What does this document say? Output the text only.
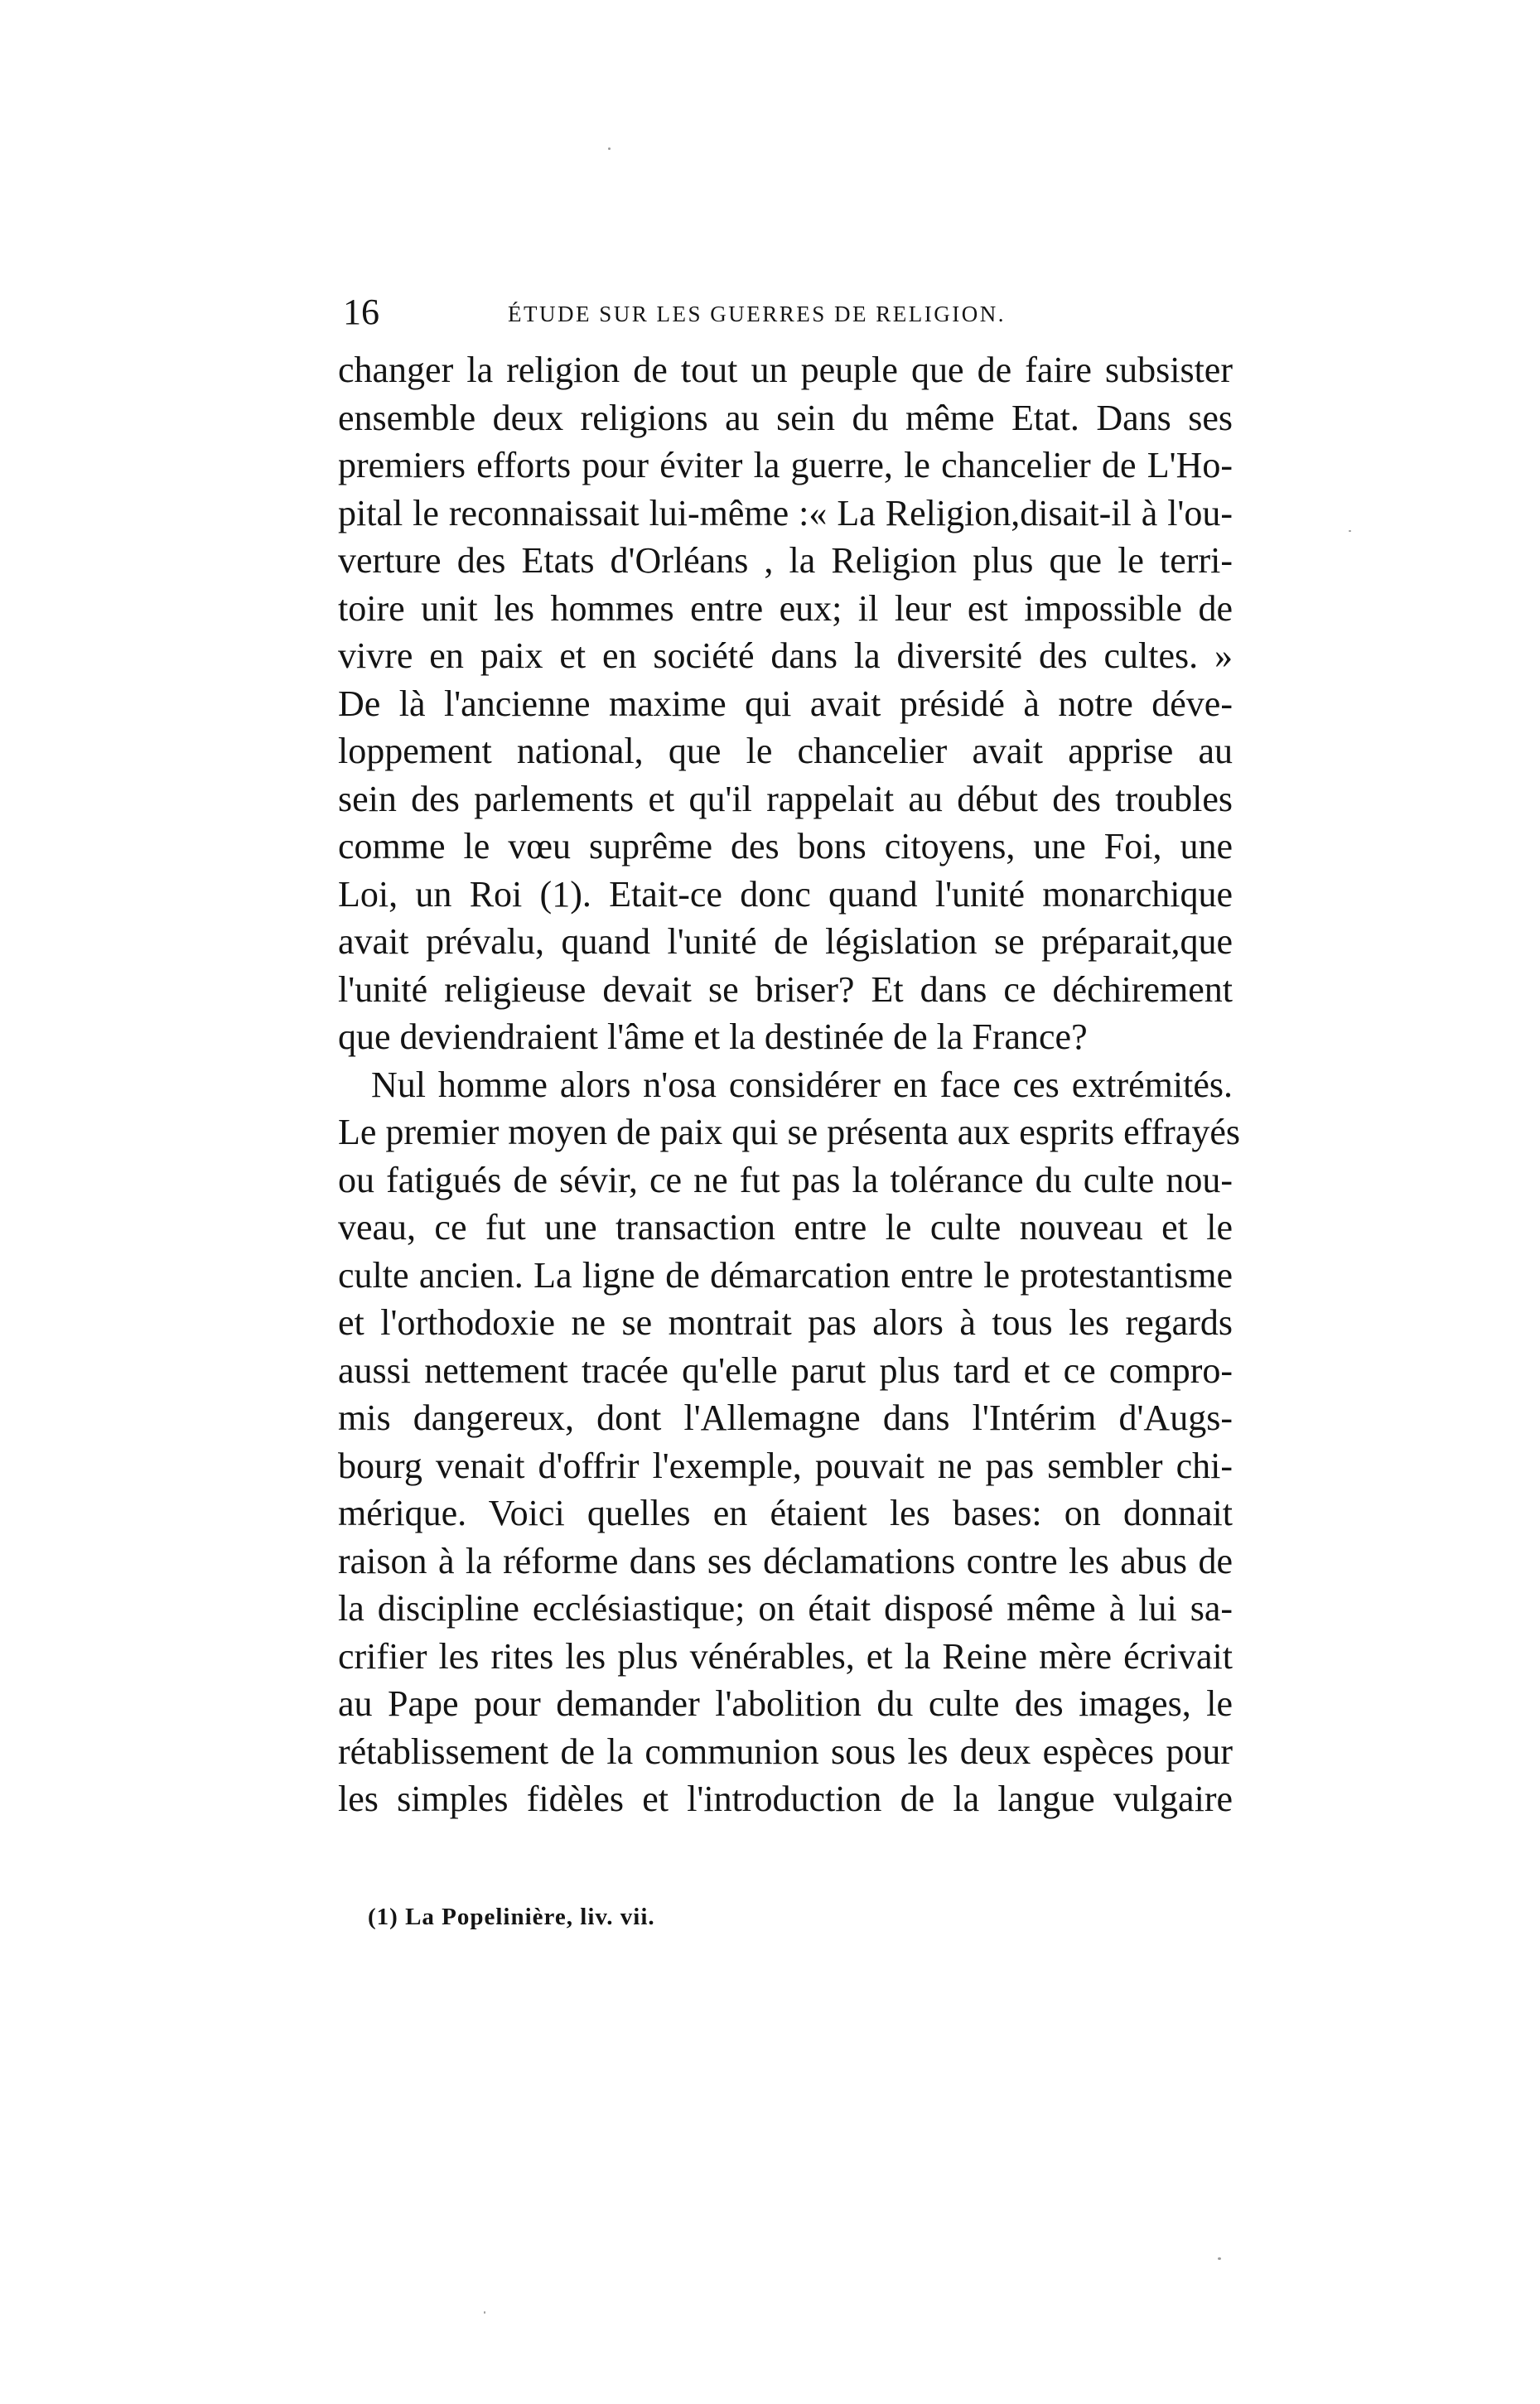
16	ÉTUDE SUR LES GUERRES DE RELIGION.
changer la religion de tout un peuple que de faire subsister
ensemble deux religions au sein du même Etat. Dans ses
premiers efforts pour éviter la guerre, le chancelier de L'Ho-
pital le reconnaissait lui-même :« La Religion,disait-il à l'ou-
verture des Etats d'Orléans , la Religion plus que le terri-
toire unit les hommes entre eux; il leur est impossible de
vivre en paix et en société dans la diversité des cultes. »
De là l'ancienne maxime qui avait présidé à notre déve-
loppement national, que le chancelier avait apprise au
sein des parlements et qu'il rappelait au début des troubles
comme le vœu suprême des bons citoyens, une Foi, une
Loi, un Roi (1). Etait-ce donc quand l'unité monarchique
avait prévalu, quand l'unité de législation se préparait,que
l'unité religieuse devait se briser? Et dans ce déchirement
que deviendraient l'âme et la destinée de la France?
Nul homme alors n'osa considérer en face ces extrémités.
Le premier moyen de paix qui se présenta aux esprits effrayés
ou fatigués de sévir, ce ne fut pas la tolérance du culte nou-
veau, ce fut une transaction entre le culte nouveau et le
culte ancien. La ligne de démarcation entre le protestantisme
et l'orthodoxie ne se montrait pas alors à tous les regards
aussi nettement tracée qu'elle parut plus tard et ce compro-
mis dangereux, dont l'Allemagne dans l'Intérim d'Augs-
bourg venait d'offrir l'exemple, pouvait ne pas sembler chi-
mérique. Voici quelles en étaient les bases: on donnait
raison à la réforme dans ses déclamations contre les abus de
la discipline ecclésiastique; on était disposé même à lui sa-
crifier les rites les plus vénérables, et la Reine mère écrivait
au Pape pour demander l'abolition du culte des images, le
rétablissement de la communion sous les deux espèces pour
les simples fidèles et l'introduction de la langue vulgaire
(1) La Popelinière, liv. vii.
